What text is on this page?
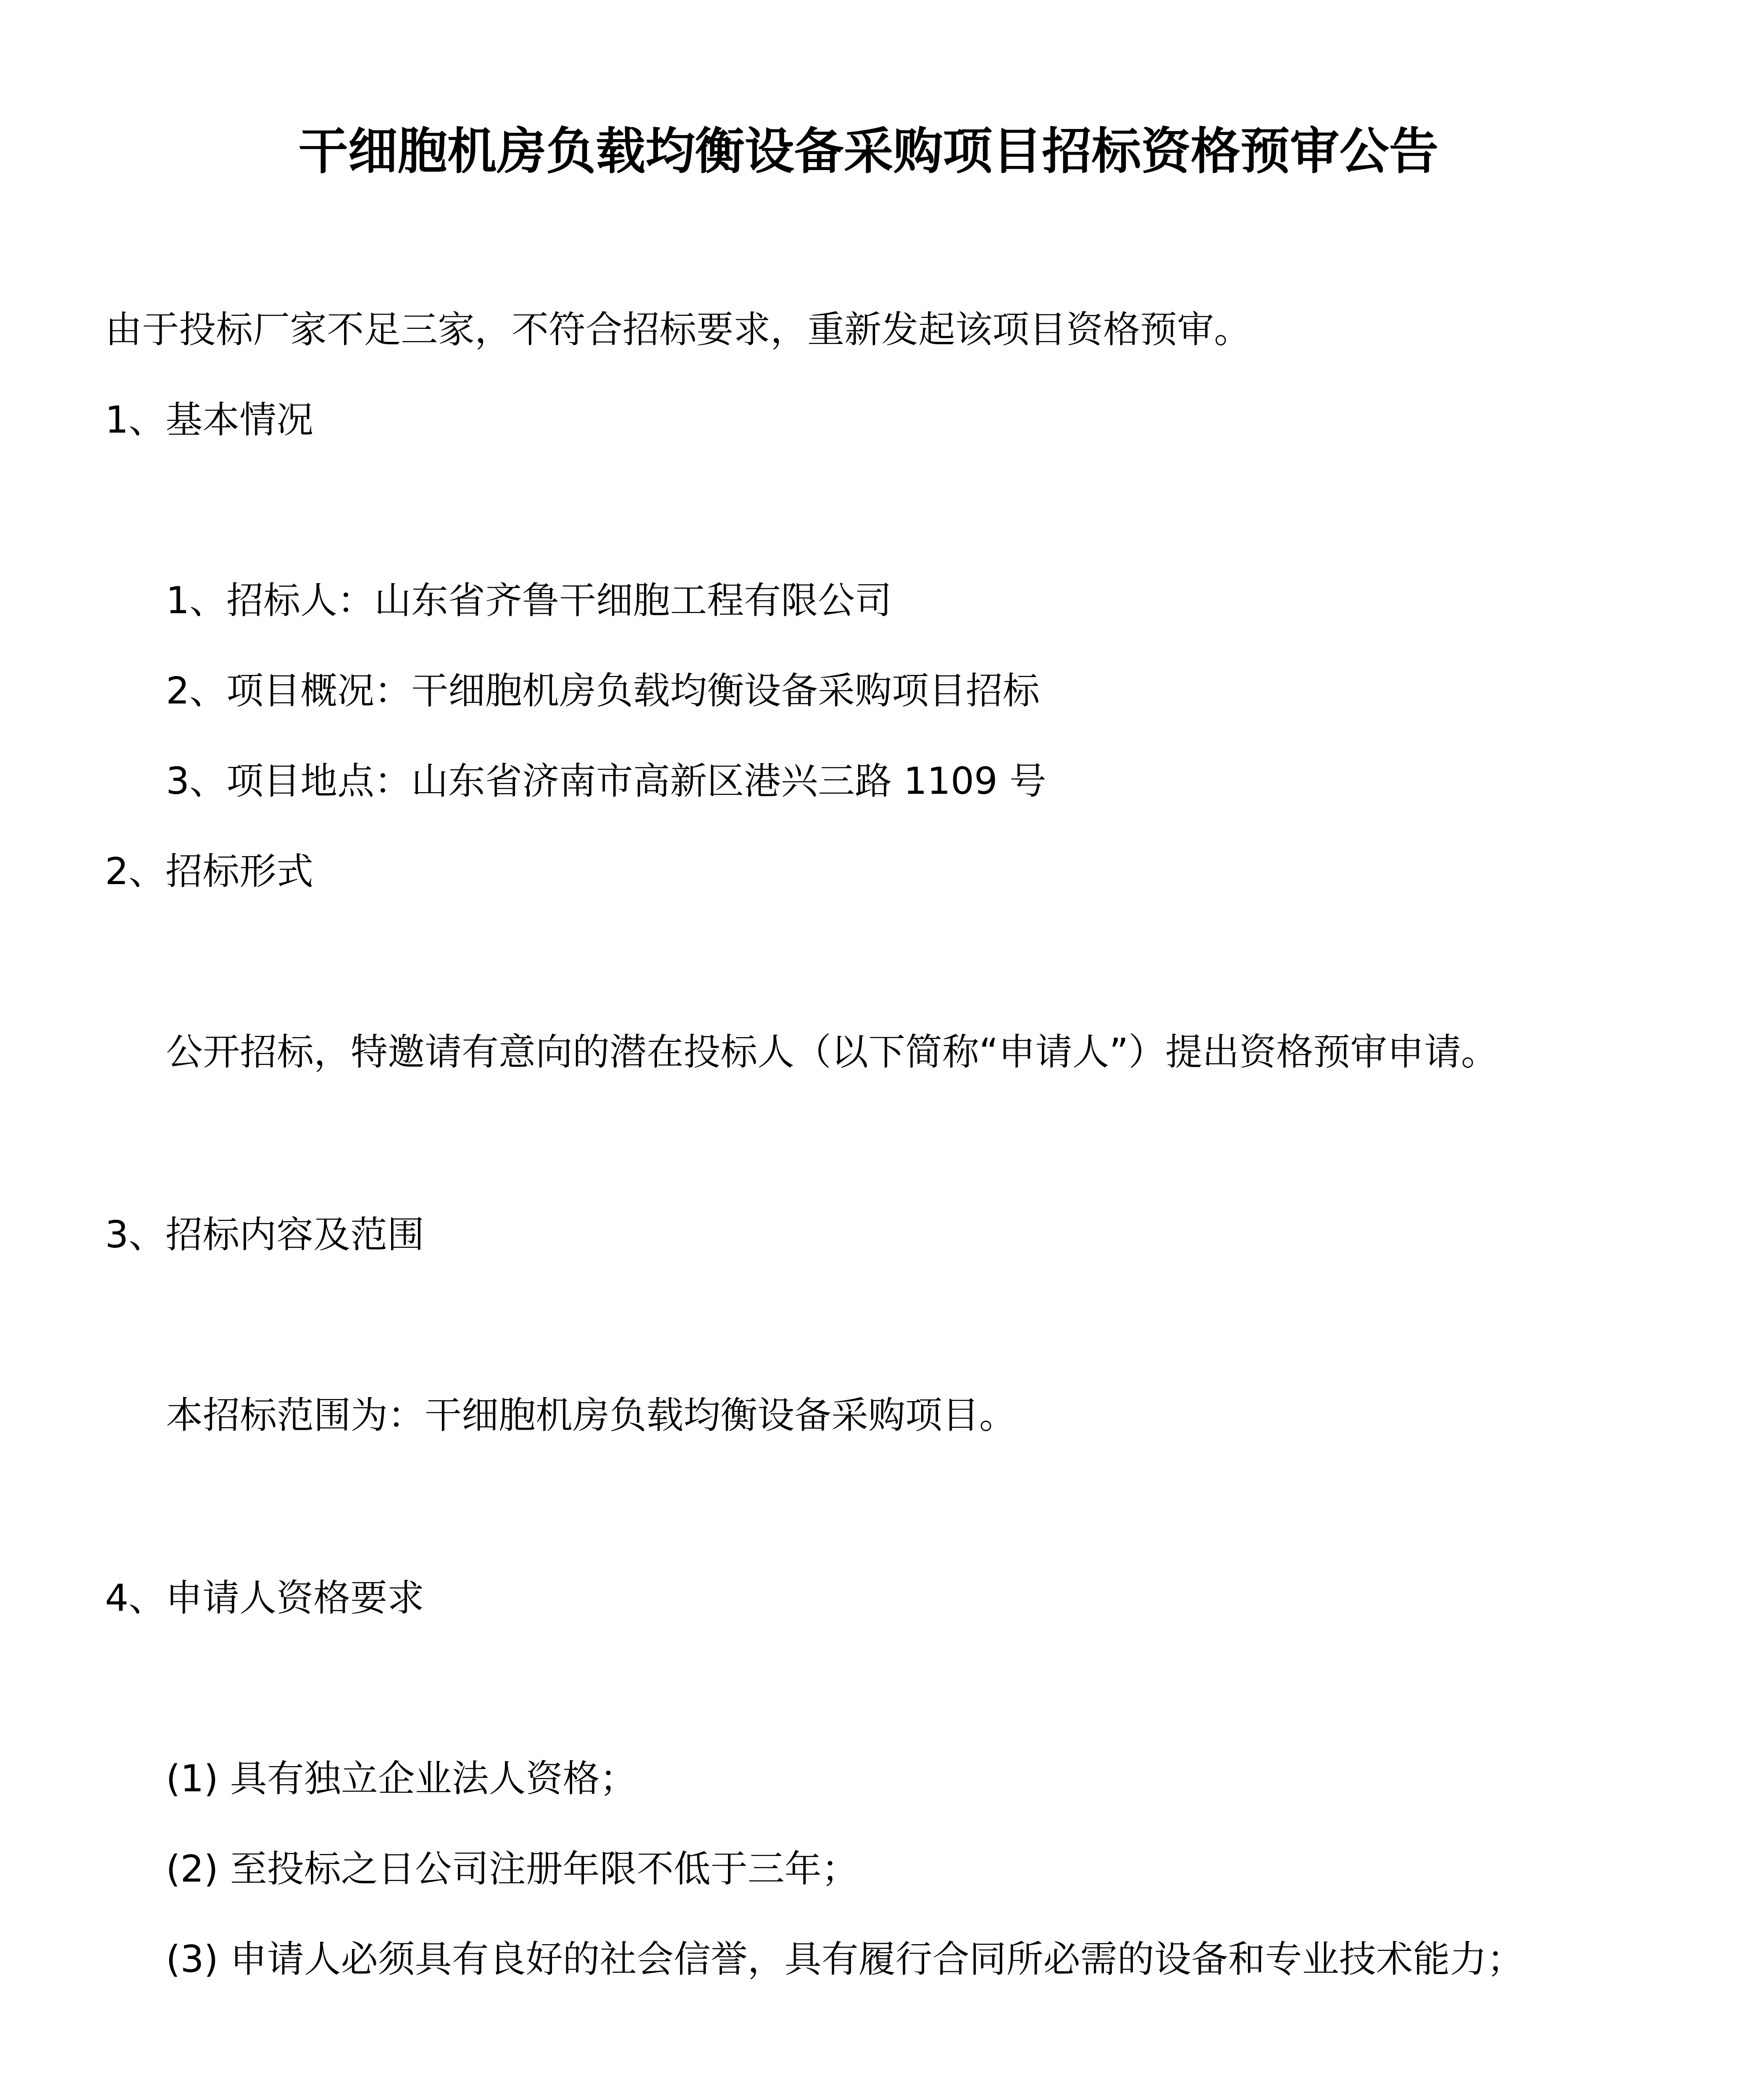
干细胞机房负载均衡设备采购项目招标资格预审公告
由于投标厂家不足三家，不符合招标要求，重新发起该项目资格预审。
1、基本情况
1、招标人：山东省齐鲁干细胞工程有限公司
2、项目概况：干细胞机房负载均衡设备采购项目招标
3、项目地点：山东省济南市高新区港兴三路 1109 号
2、招标形式
公开招标，特邀请有意向的潜在投标人（以下简称“申请人”）提出资格预审申请。
3、招标内容及范围
本招标范围为：干细胞机房负载均衡设备采购项目。
4、申请人资格要求
(1) 具有独立企业法人资格；
(2) 至投标之日公司注册年限不低于三年；
(3) 申请人必须具有良好的社会信誉，具有履行合同所必需的设备和专业技术能力；
